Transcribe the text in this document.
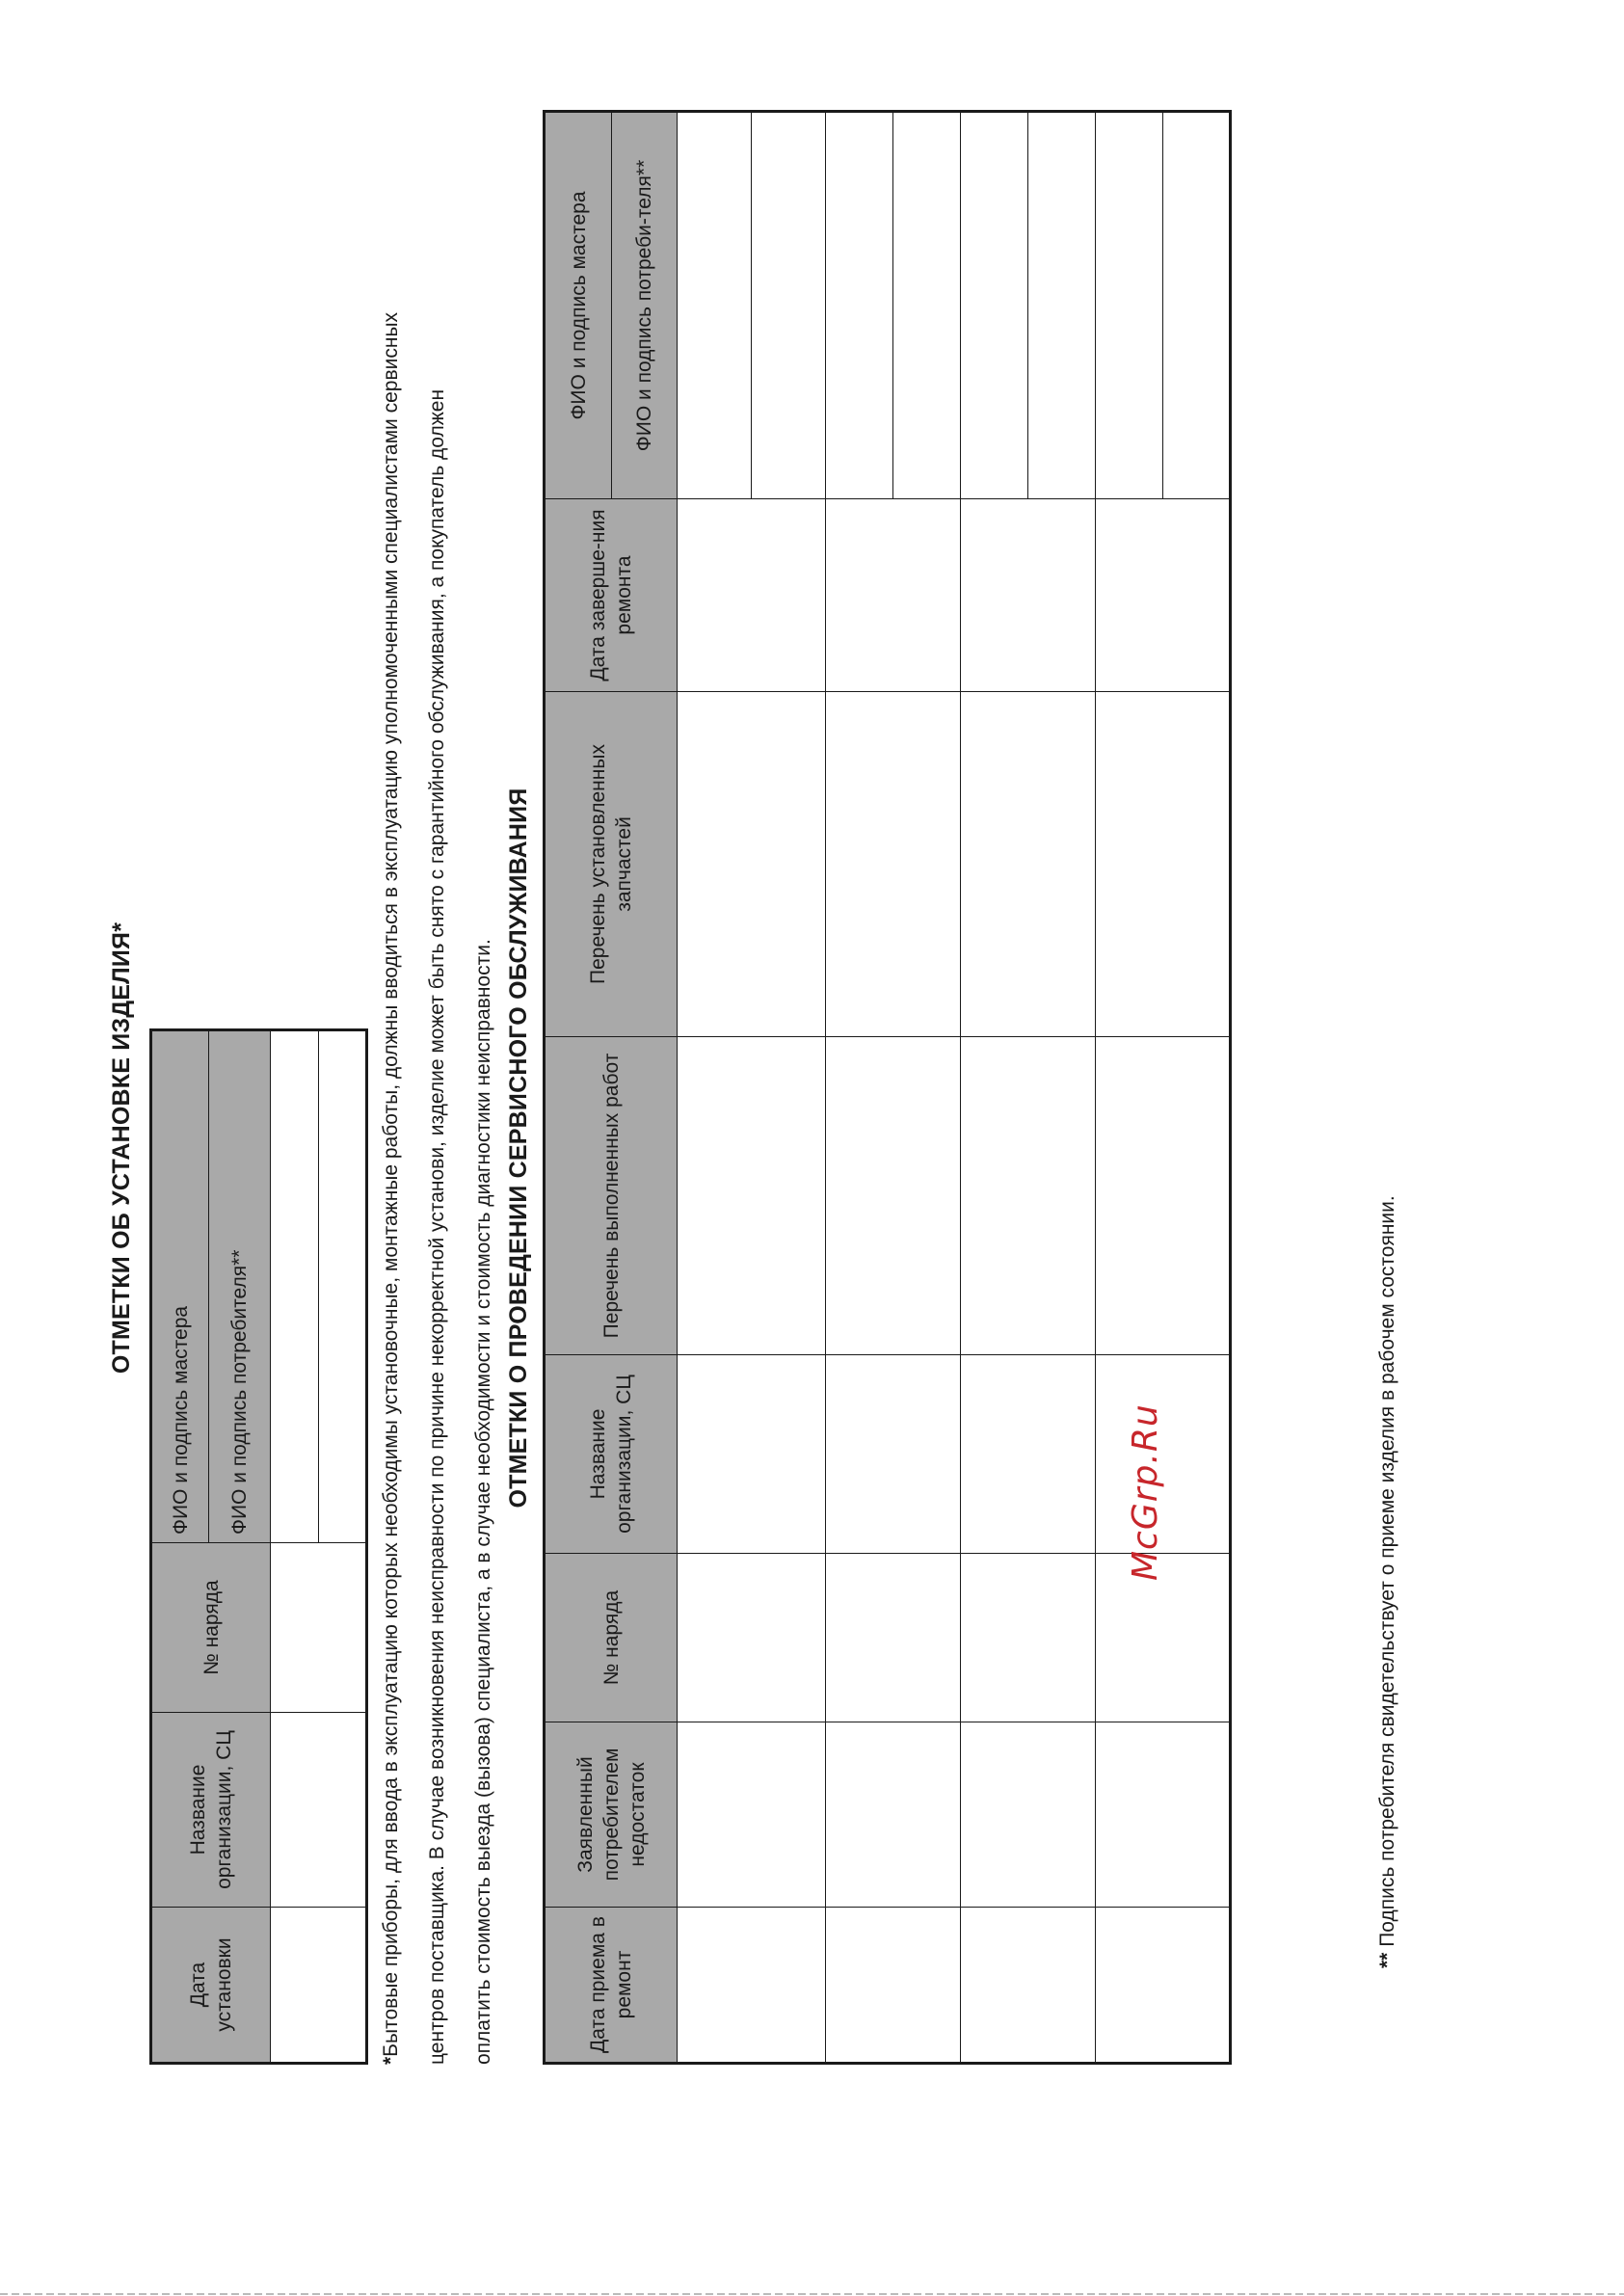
ОТМЕТКИ ОБ УСТАНОВКЕ ИЗДЕЛИЯ*
Дата установки	Название организации, СЦ	№ наряда	ФИО и подпись мастера
			ФИО и подпись потребителя**

*Бытовые приборы, для ввода в эксплуатацию которых необходимы установочные, монтажные работы, должны вводиться в эксплуатацию уполномоченными специалистами сервисных	центров поставщика. В случае возникновения неисправности по причине некорректной установи, изделие может быть снято с гарантийного обслуживания, а покупатель должен	оплатить стоимость выезда (вызова) специалиста, а в случае необходимости и стоимость диагностики неисправности. ОТМЕТКИ О ПРОВЕДЕНИИ СЕРВИСНОГО ОБСЛУЖИВАНИЯ
Дата приема в ремонт	Заявленный потребителем недостаток	№ наряда	Название организации, СЦ	Перечень выполненных работ	Перечень установленных запчастей	Дата заверше-ния ремонта	ФИО и подпись мастера
							ФИО и подпись потреби-теля**

McGrp.Ru
** Подпись потребителя свидетельствует о приеме изделия в рабочем состоянии.
